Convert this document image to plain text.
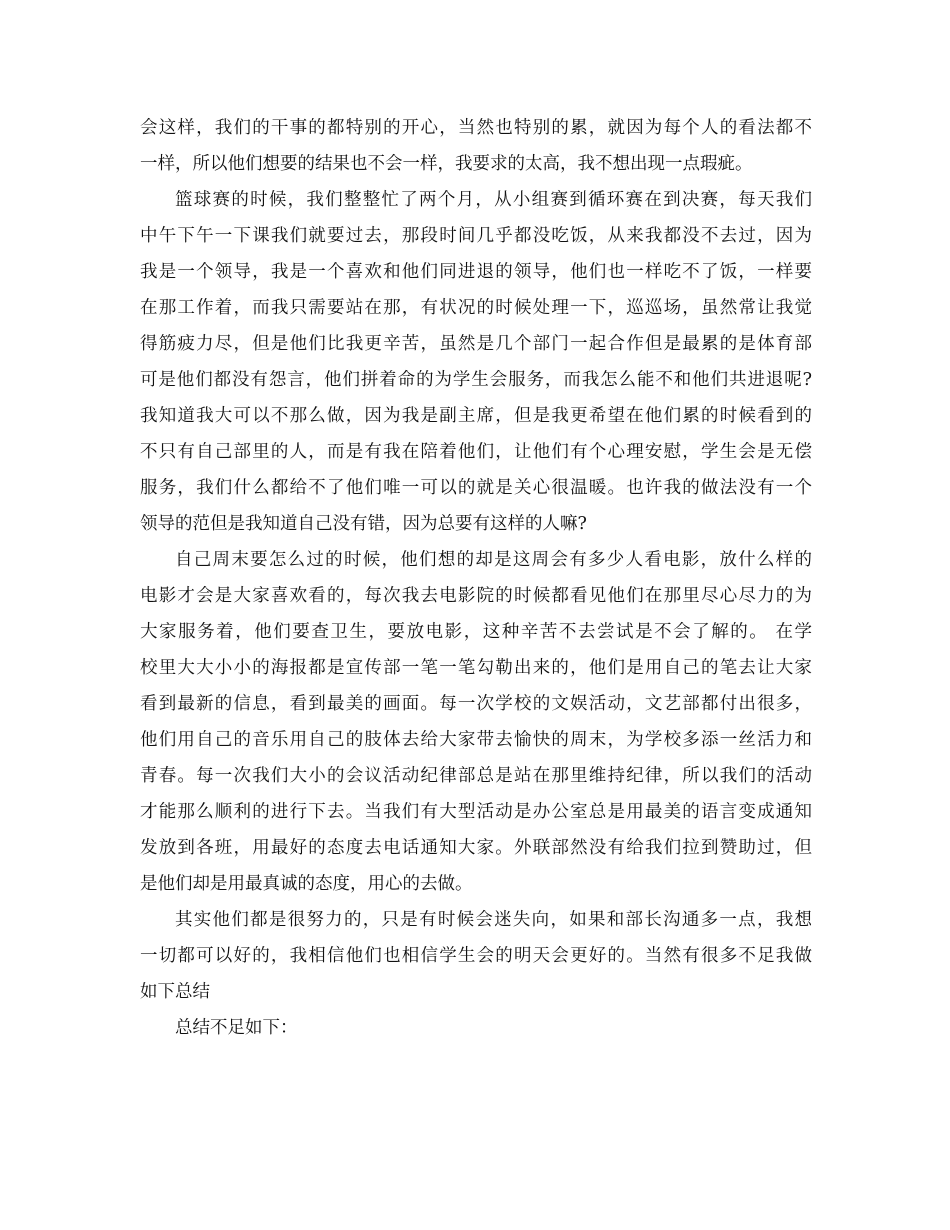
会这样，我们的干事的都特别的开心，当然也特别的累，就因为每个人的看法都不
一样，所以他们想要的结果也不会一样，我要求的太高，我不想出现一点瑕疵。
篮球赛的时候，我们整整忙了两个月，从小组赛到循环赛在到决赛，每天我们
中午下午一下课我们就要过去，那段时间几乎都没吃饭，从来我都没不去过，因为
我是一个领导，我是一个喜欢和他们同进退的领导，他们也一样吃不了饭，一样要
在那工作着，而我只需要站在那，有状况的时候处理一下，巡巡场，虽然常让我觉
得筋疲力尽，但是他们比我更辛苦，虽然是几个部门一起合作但是最累的是体育部
可是他们都没有怨言，他们拼着命的为学生会服务，而我怎么能不和他们共进退呢?
我知道我大可以不那么做，因为我是副主席，但是我更希望在他们累的时候看到的
不只有自己部里的人，而是有我在陪着他们，让他们有个心理安慰，学生会是无偿
服务，我们什么都给不了他们唯一可以的就是关心很温暖。也许我的做法没有一个
领导的范但是我知道自己没有错，因为总要有这样的人嘛?
自己周末要怎么过的时候，他们想的却是这周会有多少人看电影，放什么样的
电影才会是大家喜欢看的，每次我去电影院的时候都看见他们在那里尽心尽力的为
大家服务着，他们要查卫生，要放电影，这种辛苦不去尝试是不会了解的。 在学
校里大大小小的海报都是宣传部一笔一笔勾勒出来的，他们是用自己的笔去让大家
看到最新的信息，看到最美的画面。每一次学校的文娱活动，文艺部都付出很多，
他们用自己的音乐用自己的肢体去给大家带去愉快的周末，为学校多添一丝活力和
青春。每一次我们大小的会议活动纪律部总是站在那里维持纪律，所以我们的活动
才能那么顺利的进行下去。当我们有大型活动是办公室总是用最美的语言变成通知
发放到各班，用最好的态度去电话通知大家。外联部然没有给我们拉到赞助过，但
是他们却是用最真诚的态度，用心的去做。
其实他们都是很努力的，只是有时候会迷失向，如果和部长沟通多一点，我想
一切都可以好的，我相信他们也相信学生会的明天会更好的。当然有很多不足我做
如下总结
总结不足如下：
